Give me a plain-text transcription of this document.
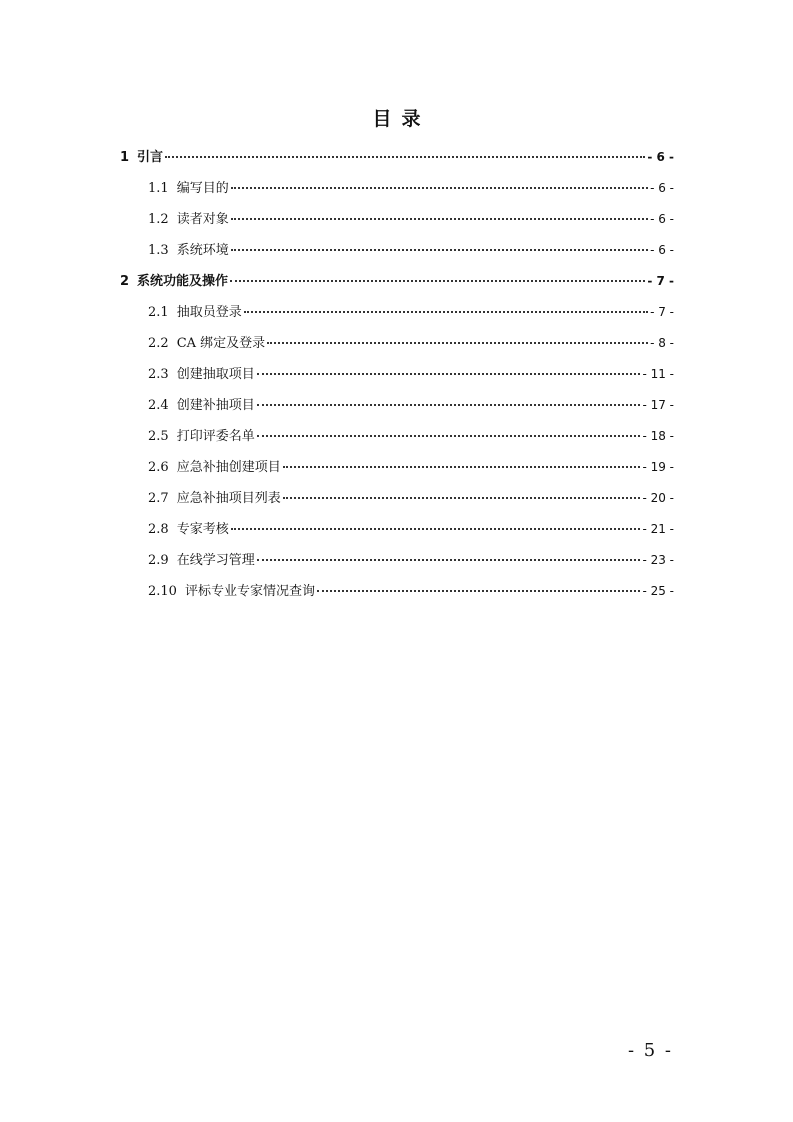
目录
1 引言	- 6 -
1.1 编写目的	- 6 -
1.2 读者对象	- 6 -
1.3 系统环境	- 6 -
2 系统功能及操作	- 7 -
2.1 抽取员登录	- 7 -
2.2 CA 绑定及登录	- 8 -
2.3 创建抽取项目	- 11 -
2.4 创建补抽项目	- 17 -
2.5 打印评委名单	- 18 -
2.6 应急补抽创建项目	- 19 -
2.7 应急补抽项目列表	- 20 -
2.8 专家考核	- 21 -
2.9 在线学习管理	- 23 -
2.10 评标专业专家情况查询	- 25 -
- 5 -
